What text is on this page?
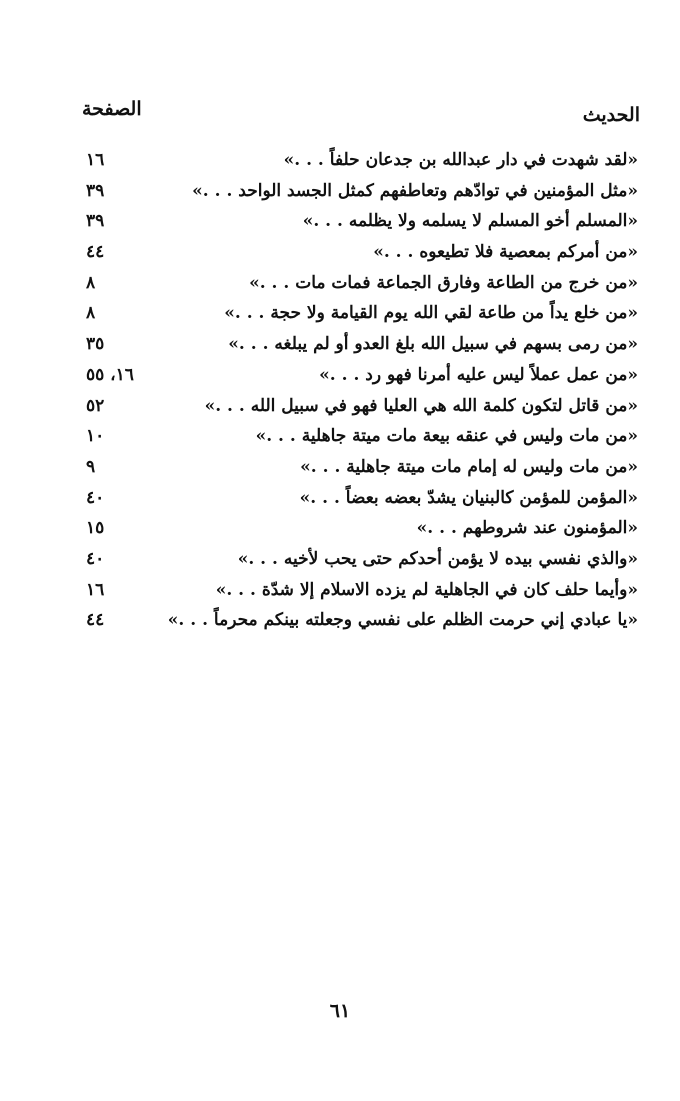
الحديث
الصفحة
«لقد شهدت في دار عبدالله بن جدعان حلفاً . . .»
١٦
«مثل المؤمنين في توادّهم وتعاطفهم كمثل الجسد الواحد . . .»
٣٩
«المسلم أخو المسلم لا يسلمه ولا يظلمه . . .»
٣٩
«من أمركم بمعصية فلا تطيعوه . . .»
٤٤
«من خرج من الطاعة وفارق الجماعة فمات مات . . .»
٨
«من خلع يداً من طاعة لقي الله يوم القيامة ولا حجة . . .»
٨
«من رمى بسهم في سبيل الله بلغ العدو أو لم يبلغه . . .»
٣٥
«من عمل عملاً ليس عليه أمرنا فهو رد . . .»
١٦، ٥٥
«من قاتل لتكون كلمة الله هي العليا فهو في سبيل الله . . .»
٥٢
«من مات وليس في عنقه بيعة مات ميتة جاهلية . . .»
١٠
«من مات وليس له إمام مات ميتة جاهلية . . .»
٩
«المؤمن للمؤمن كالبنيان يشدّ بعضه بعضاً . . .»
٤٠
«المؤمنون عند شروطهم . . .»
١٥
«والذي نفسي بيده لا يؤمن أحدكم حتى يحب لأخيه . . .»
٤٠
«وأيما حلف كان في الجاهلية لم يزده الاسلام إلا شدّة . . .»
١٦
«يا عبادي إني حرمت الظلم على نفسي وجعلته بينكم محرماً . . .»
٤٤
٦١
